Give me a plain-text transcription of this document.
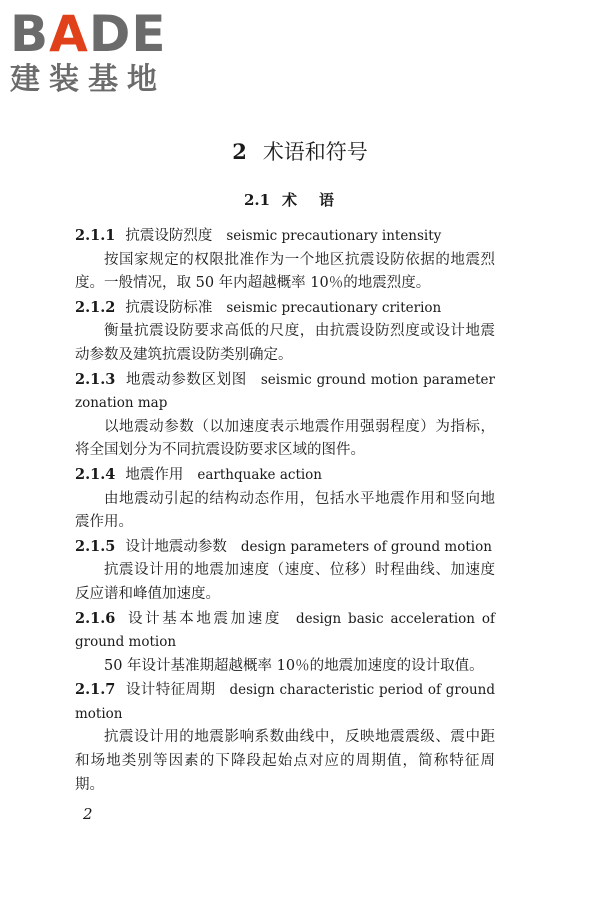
BADE
建装基地
2 术语和符号
2.1 术语

2.1.1 抗震设防烈度 seismic precautionary intensity

按国家规定的权限批准作为一个地区抗震设防依据的地震烈度。一般情况，取 50 年内超越概率 10％的地震烈度。

2.1.2 抗震设防标准 seismic precautionary criterion

衡量抗震设防要求高低的尺度，由抗震设防烈度或设计地震动参数及建筑抗震设防类别确定。

2.1.3 地震动参数区划图 seismic ground motion parameter zonation map

以地震动参数（以加速度表示地震作用强弱程度）为指标，将全国划分为不同抗震设防要求区域的图件。

2.1.4 地震作用 earthquake action

由地震动引起的结构动态作用，包括水平地震作用和竖向地震作用。

2.1.5 设计地震动参数 design parameters of ground motion

抗震设计用的地震加速度（速度、位移）时程曲线、加速度反应谱和峰值加速度。

2.1.6 设计基本地震加速度 design basic acceleration of ground motion

50 年设计基准期超越概率 10％的地震加速度的设计取值。

2.1.7 设计特征周期 design characteristic period of ground motion

抗震设计用的地震影响系数曲线中，反映地震震级、震中距和场地类别等因素的下降段起始点对应的周期值，简称特征周期。

2
